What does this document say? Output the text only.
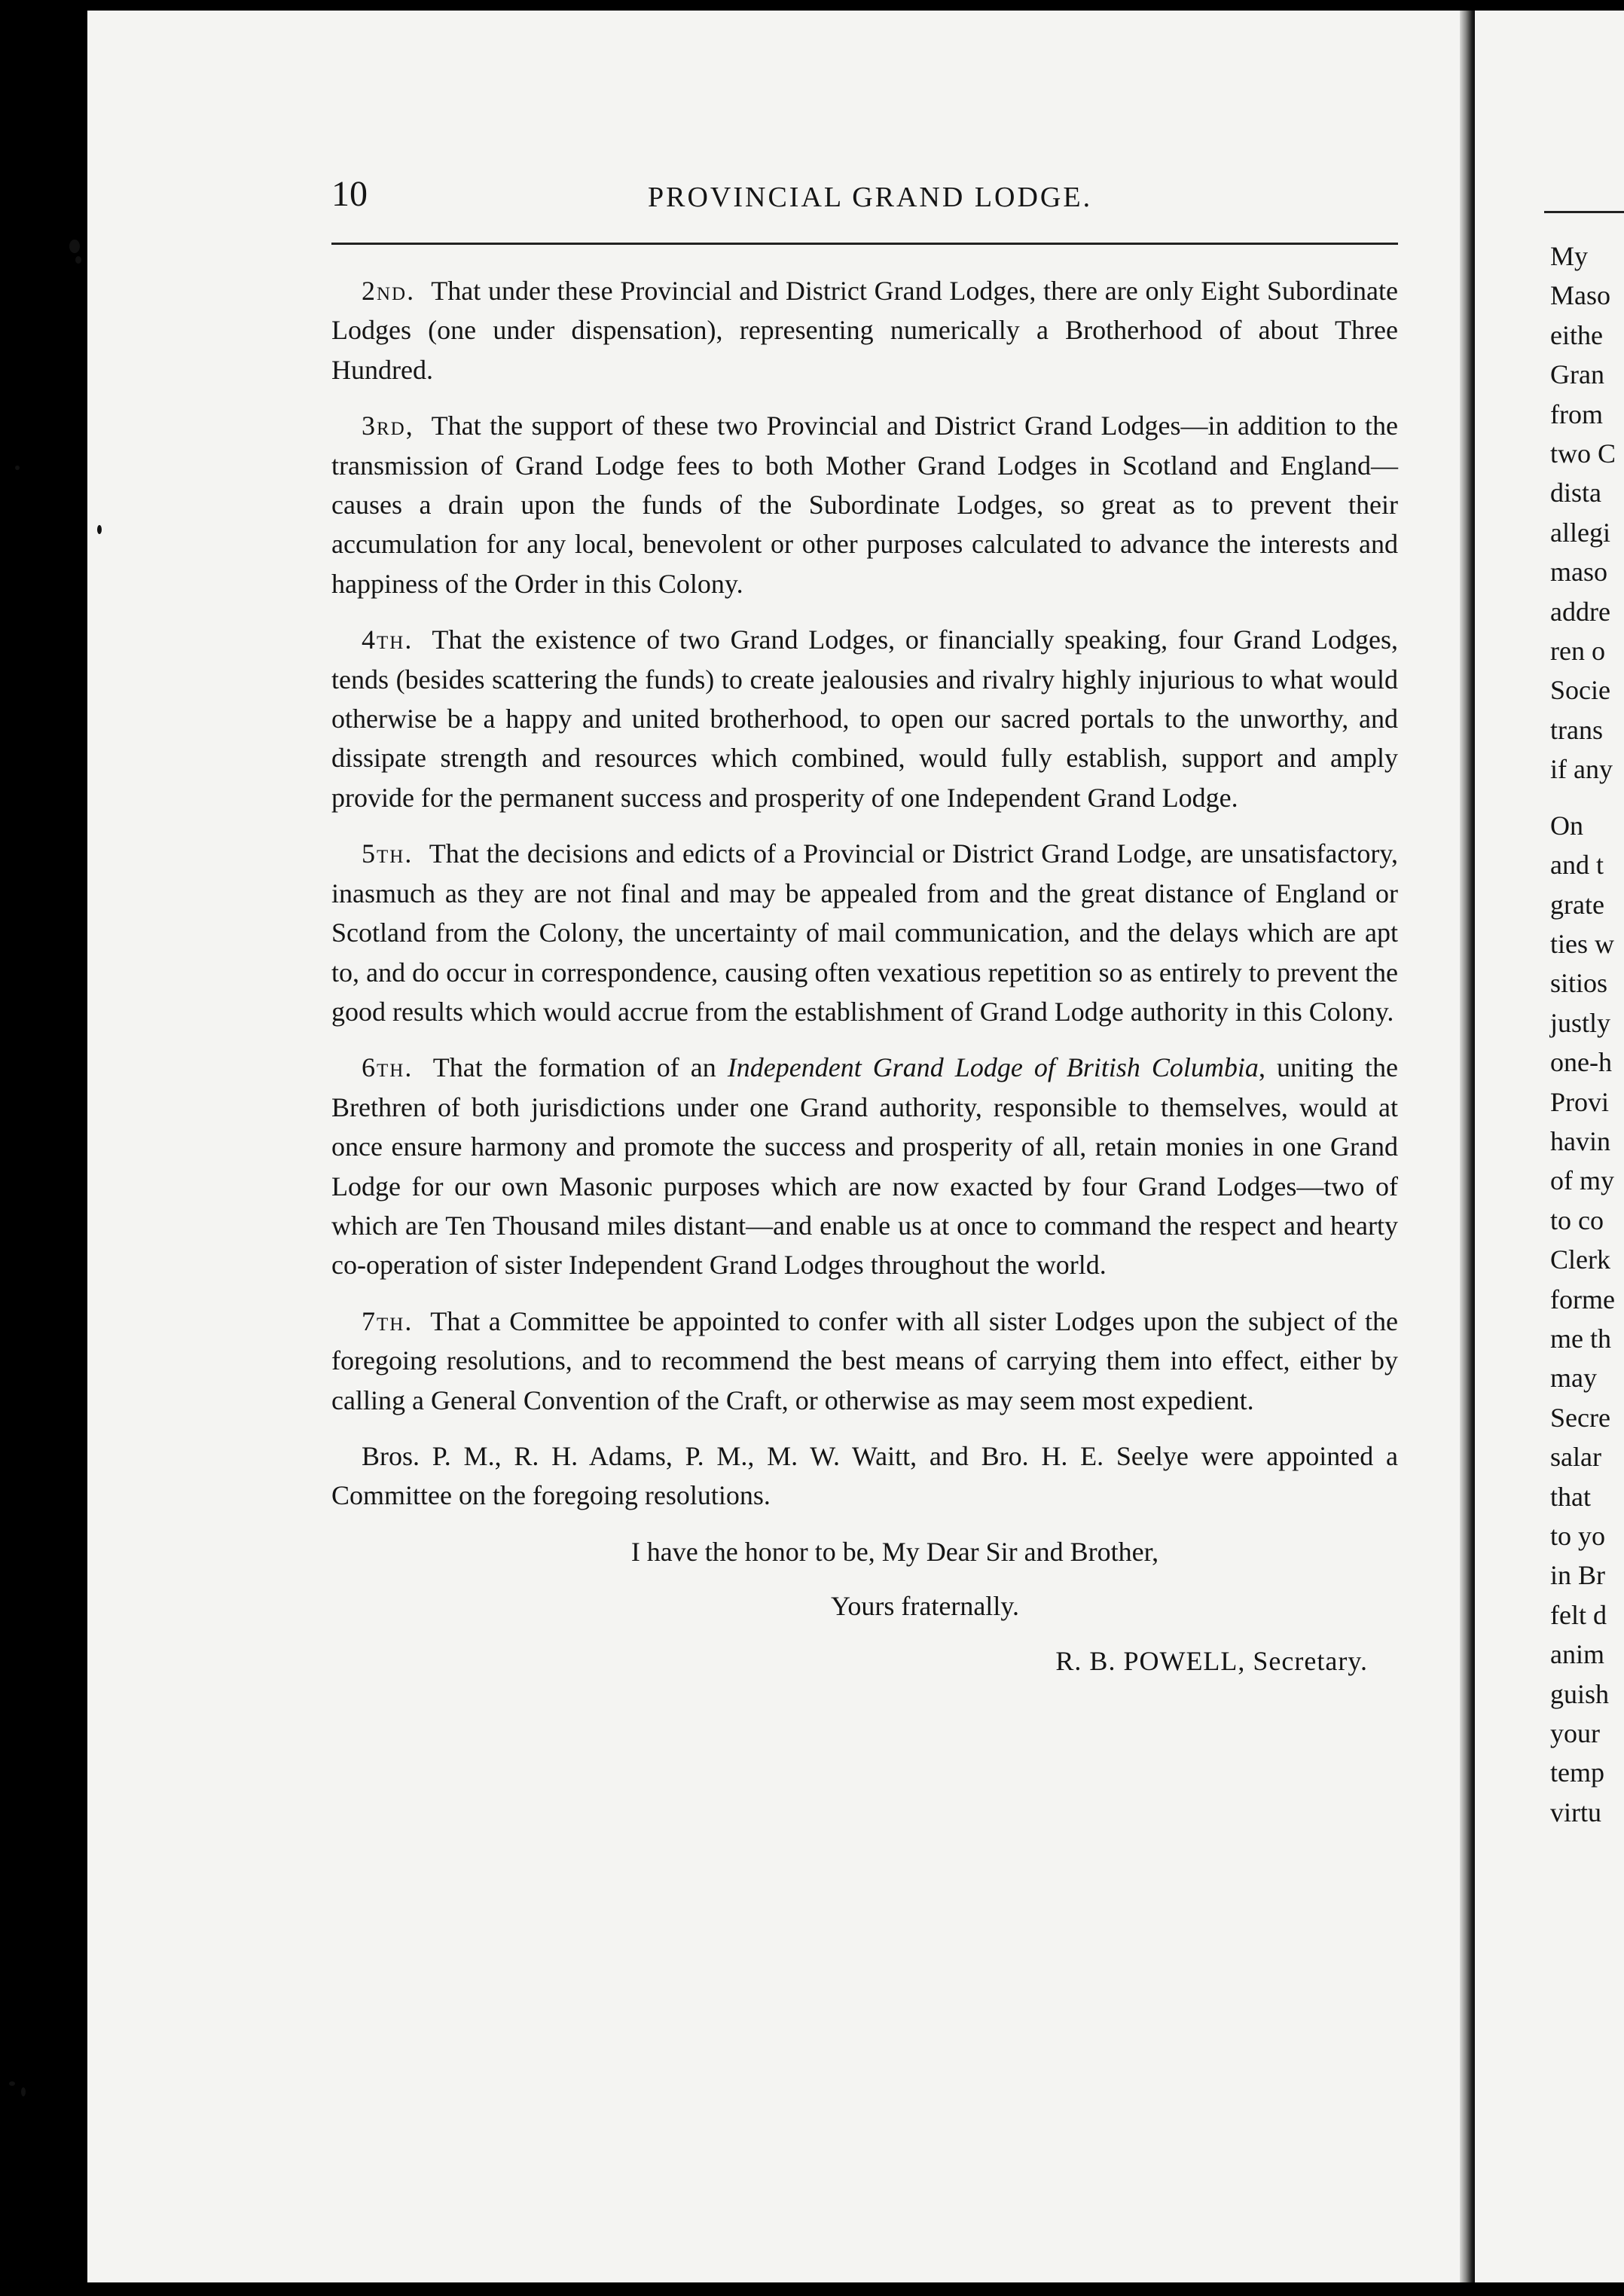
My
Maso
eithe
Gran
from
two C
dista
allegi
maso
addre
ren o
Socie
trans
if any
On
and t
grate
ties w
sitios
justly
one-h
Provi
havin
of my
to co
Clerk
forme
me th
may
Secre
salar
that
to yo
in Br
felt d
anim
guish
your
temp
virtu
10	PROVINCIAL GRAND LODGE.

2nd. That under these Provincial and District Grand Lodges, there are only Eight Subordinate Lodges (one under dispensation), representing numerically a Brotherhood of about Three Hundred.

3rd, That the support of these two Provincial and District Grand Lodges—in addition to the transmission of Grand Lodge fees to both Mother Grand Lodges in Scotland and England—causes a drain upon the funds of the Subordinate Lodges, so great as to prevent their accumulation for any local, benevolent or other purposes calculated to advance the interests and happiness of the Order in this Colony.

4th. That the existence of two Grand Lodges, or financially speaking, four Grand Lodges, tends (besides scattering the funds) to create jealousies and rivalry highly injurious to what would otherwise be a happy and united brotherhood, to open our sacred portals to the unworthy, and dissipate strength and resources which combined, would fully establish, support and amply provide for the permanent success and prosperity of one Independent Grand Lodge.

5th. That the decisions and edicts of a Provincial or District Grand Lodge, are unsatisfactory, inasmuch as they are not final and may be appealed from and the great distance of England or Scotland from the Colony, the uncertainty of mail communication, and the delays which are apt to, and do occur in correspondence, causing often vexatious repetition so as entirely to prevent the good results which would accrue from the establishment of Grand Lodge authority in this Colony.

6th. That the formation of an Independent Grand Lodge of British Columbia, uniting the Brethren of both jurisdictions under one Grand authority, responsible to themselves, would at once ensure harmony and promote the success and prosperity of all, retain monies in one Grand Lodge for our own Masonic purposes which are now exacted by four Grand Lodges—two of which are Ten Thousand miles distant—and enable us at once to command the respect and hearty co-operation of sister Independent Grand Lodges throughout the world.

7th. That a Committee be appointed to confer with all sister Lodges upon the subject of the foregoing resolutions, and to recommend the best means of carrying them into effect, either by calling a General Convention of the Craft, or otherwise as may seem most expedient.

Bros. P. M., R. H. Adams, P. M., M. W. Waitt, and Bro. H. E. Seelye were appointed a Committee on the foregoing resolutions.

I have the honor to be, My Dear Sir and Brother,
Yours fraternally.
R. B. POWELL, Secretary.
